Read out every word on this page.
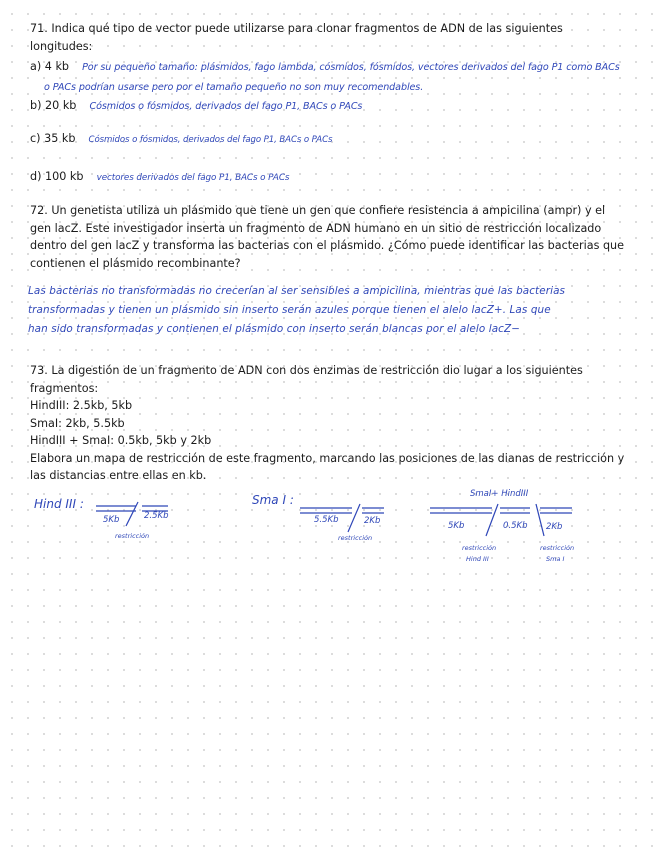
71. Indica qué tipo de vector puede utilizarse para clonar fragmentos de ADN de las siguientes longitudes:

a) 4 kb Por su pequeño tamaño: plásmidos, fago lambda, cósmidos, fósmidos, vectores derivados del fago P1 como BACs
o PACs podrían usarse pero por el tamaño pequeño no son muy recomendables.
b) 20 kb Cósmidos o fósmidos, derivados del fago P1, BACs o PACs
c) 35 kb Cósmidos o fósmidos, derivados del fago P1, BACs o PACs
d) 100 kb vectores derivados del fago P1, BACs o PACs

72. Un genetista utiliza un plásmido que tiene un gen que confiere resistencia a ampicilina (ampr) y el gen lacZ. Este investigador inserta un fragmento de ADN humano en un sitio de restricción localizado dentro del gen lacZ y transforma las bacterias con el plásmido. ¿Cómo puede identificar las bacterias que contienen el plásmido recombinante?

Las bacterias no transformadas no crecerían al ser sensibles a ampicilina, mientras que las bacterias

transformadas y tienen un plásmido sin inserto serán azules porque tienen el alelo lacZ+. Las que

han sido transformadas y contienen el plásmido con inserto serán blancas por el alelo lacZ−

73. La digestión de un fragmento de ADN con dos enzimas de restricción dio lugar a los siguientes fragmentos:

HindIII: 2.5kb, 5kb

SmaI: 2kb, 5.5kb

HindIII + SmaI: 0.5kb, 5kb y 2kb

Elabora un mapa de restricción de este fragmento, marcando las posiciones de las dianas de restricción y las distancias entre ellas en kb.

Hind III :
5Kb	2.5Kb
restricción
Sma I :
5.5Kb	2Kb
restricción
SmaI+ HindIII
5Kb	0.5Kb 2Kb
restricción
Hind III
restricción
Sma I
